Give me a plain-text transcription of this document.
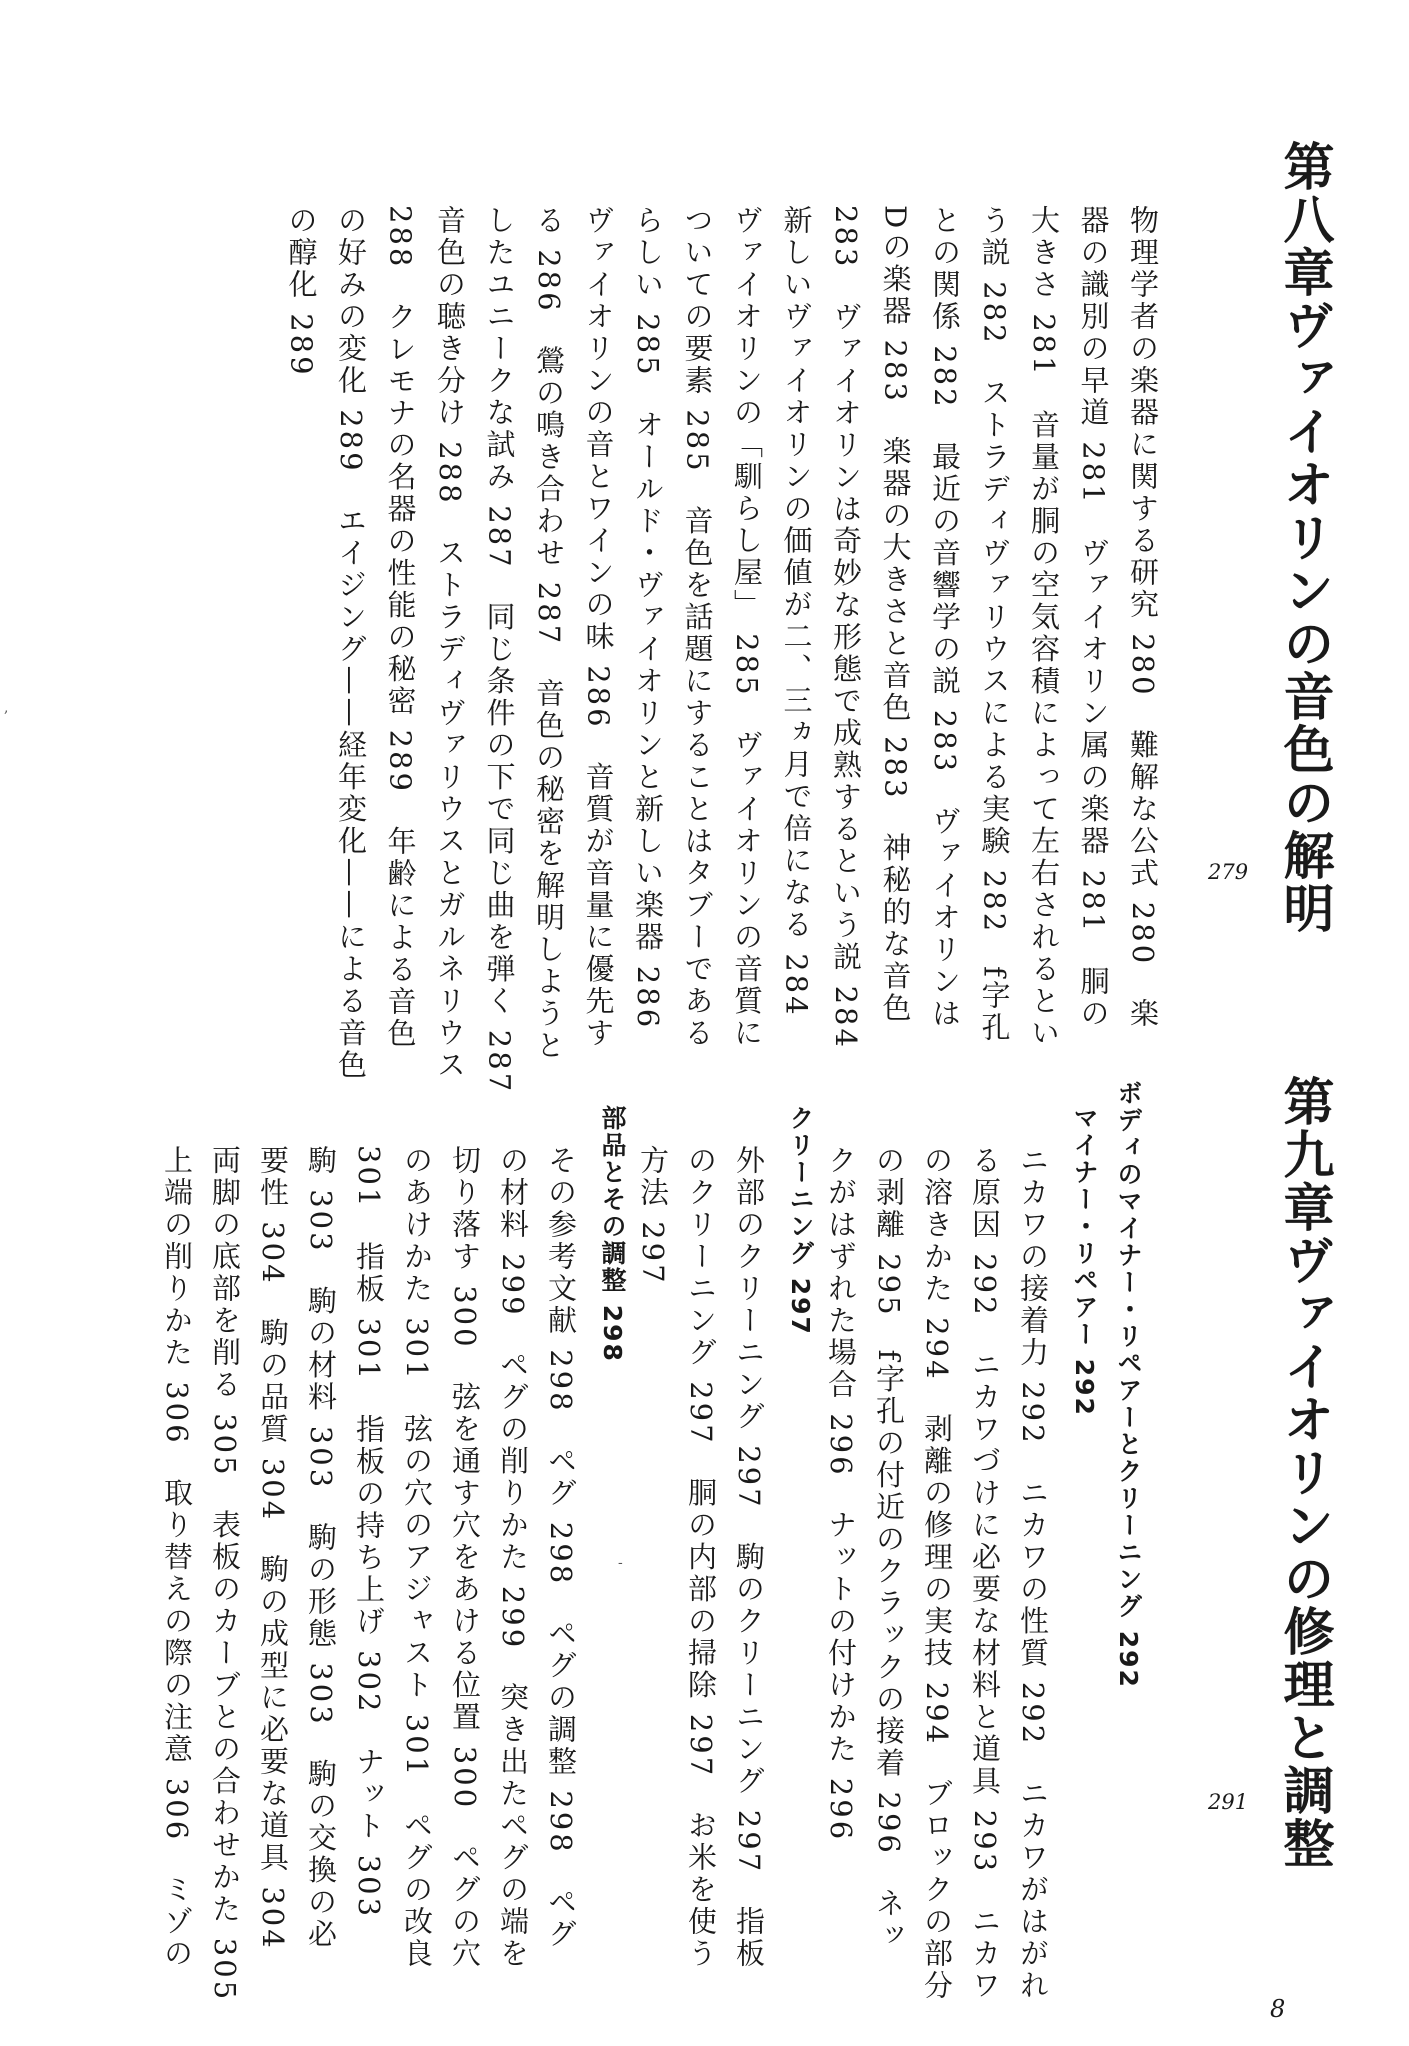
第八章ヴァイオリンの音色の解明
279
物理学者の楽器に関する研究 280　難解な公式 280　楽
器の識別の早道 281　ヴァイオリン属の楽器 281　胴の
大きさ 281　音量が胴の空気容積によって左右されるとい
う説 282　ストラディヴァリウスによる実験 282　f字孔
との関係 282　最近の音響学の説 283　ヴァイオリンは
Dの楽器 283　楽器の大きさと音色 283　神秘的な音色
283　ヴァイオリンは奇妙な形態で成熟するという説 284
新しいヴァイオリンの価値が二、三ヵ月で倍になる 284
ヴァイオリンの「馴らし屋」 285　ヴァイオリンの音質に
ついての要素 285　音色を話題にすることはタブーである
らしい 285　オールド・ヴァイオリンと新しい楽器 286
ヴァイオリンの音とワインの味 286　音質が音量に優先す
る 286　鶯の鳴き合わせ 287　音色の秘密を解明しようと
したユニークな試み 287　同じ条件の下で同じ曲を弾く 287
音色の聴き分け 288　ストラディヴァリウスとガルネリウス
288　クレモナの名器の性能の秘密 289　年齢による音色
の好みの変化 289　エイジング——経年変化——による音色
の醇化 289
第九章ヴァイオリンの修理と調整
291
ボディのマイナー・リペアーとクリーニング 292
マイナー・リペアー 292
ニカワの接着力 292　ニカワの性質 292　ニカワがはがれ
る原因 292　ニカワづけに必要な材料と道具 293　ニカワ
の溶きかた 294　剥離の修理の実技 294　ブロックの部分
の剥離 295　f字孔の付近のクラックの接着 296　ネッ
クがはずれた場合 296　ナットの付けかた 296
クリーニング 297
外部のクリーニング 297　駒のクリーニング 297　指板
のクリーニング 297　胴の内部の掃除 297　お米を使う
方法 297
部品とその調整 298
その参考文献 298　ペグ 298　ペグの調整 298　ペグ
の材料 299　ペグの削りかた 299　突き出たペグの端を
切り落す 300　弦を通す穴をあける位置 300　ペグの穴
のあけかた 301　弦の穴のアジャスト 301　ペグの改良
301　指板 301　指板の持ち上げ 302　ナット 303
駒 303　駒の材料 303　駒の形態 303　駒の交換の必
要性 304　駒の品質 304　駒の成型に必要な道具 304
両脚の底部を削る 305　表板のカーブとの合わせかた 305
上端の削りかた 306　取り替えの際の注意 306　ミゾの
,
-
8
